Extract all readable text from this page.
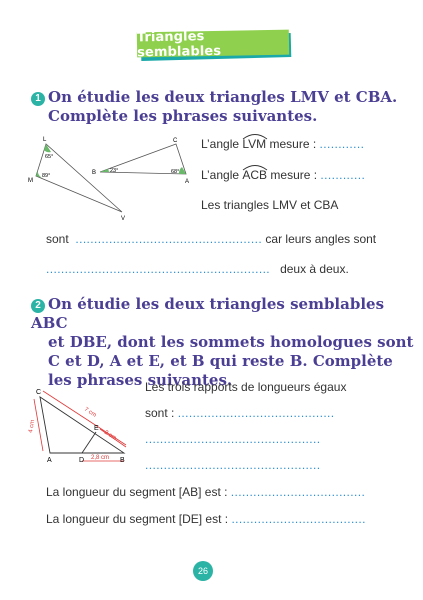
Triangles semblables
1 On étudie les deux triangles LMV et CBA.
Complète les phrases suivantes.
L
M
V
65°
89°
C
B
A
23°	68°
L’angle
LVM mesure : ............
L’angle
ACB mesure : ............
Les triangles LMV et CBA
sont .................................................. car leurs angles sont
............................................................ deux à deux.
2 On étudie les deux triangles semblables ABC
et DBE, dont les sommets homologues sont
C et D, A et E, et B qui reste B. Complète
les phrases suivantes.
C
E
A	D	B
7 cm
2 cm
4 cm
2,8 cm
Les trois rapports de longueurs égaux
sont : ..........................................
...............................................
...............................................
La longueur du segment [AB] est : ....................................
La longueur du segment [DE] est : ....................................
26
